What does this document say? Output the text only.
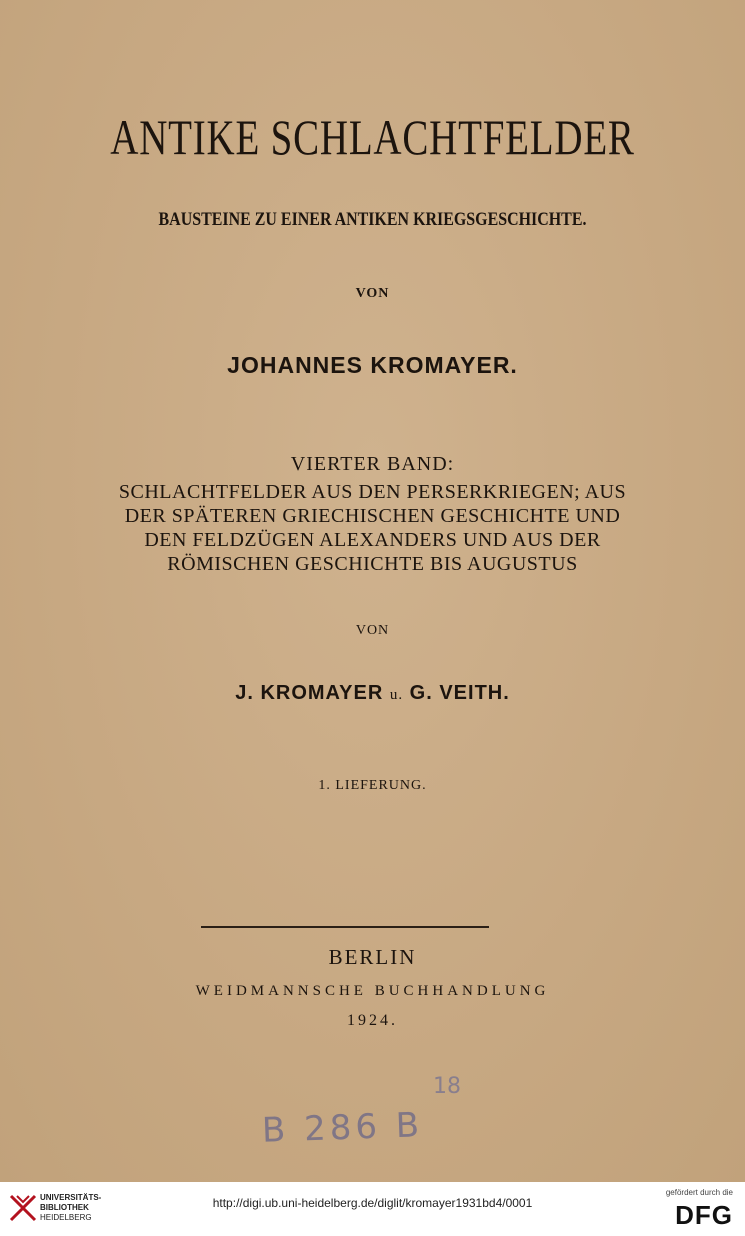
ANTIKE SCHLACHTFELDER
BAUSTEINE ZU EINER ANTIKEN KRIEGSGESCHICHTE.
VON
JOHANNES KROMAYER.
VIERTER BAND:
SCHLACHTFELDER AUS DEN PERSERKRIEGEN; AUS
DER SPÄTEREN GRIECHISCHEN GESCHICHTE UND
DEN FELDZÜGEN ALEXANDERS UND AUS DER
RÖMISCHEN GESCHICHTE BIS AUGUSTUS
VON
J. KROMAYER u. G. VEITH.
1. LIEFERUNG.
BERLIN
WEIDMANNSCHE BUCHHANDLUNG
1924.
18
B 286 B
UNIVERSITÄTS-
BIBLIOTHEK
HEIDELBERG
http://digi.ub.uni-heidelberg.de/diglit/kromayer1931bd4/0001
gefördert durch die
DFG
